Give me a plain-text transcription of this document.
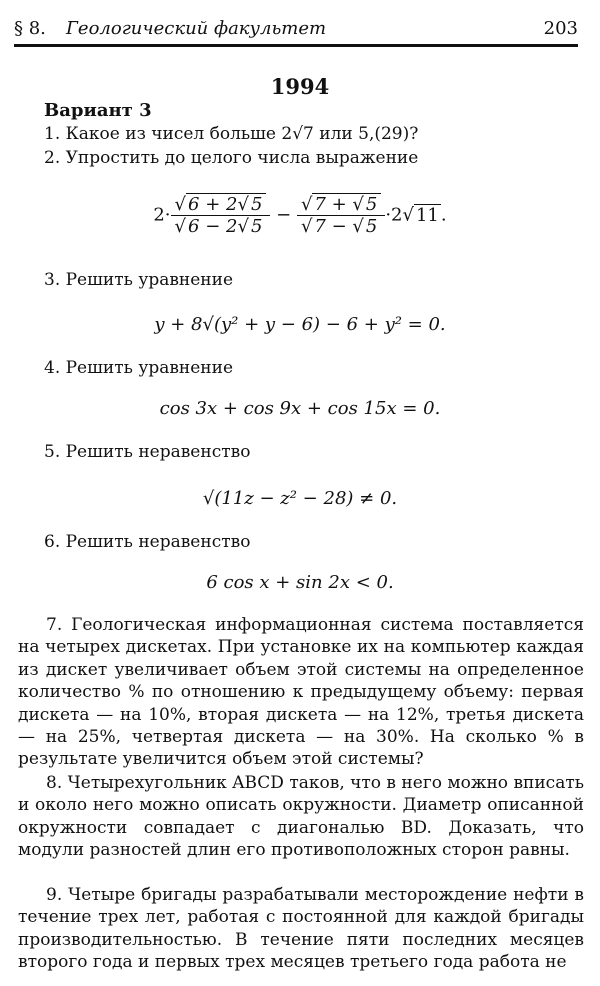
§ 8. Геологический факультет	203
1994
Вариант 3
1. Какое из чисел больше 2√7 или 5,(29)?
2. Упростить до целого числа выражение
$2\cdot \frac{√ 6 + 2√ 5}{√ 6 - 2√ 5} - \frac{√ 7 + √ 5}{√ 7 - √ 5} \cdot 2√$ 11 .
3. Решить уравнение
y + 8√(y² + y − 6) − 6 + y² = 0.
4. Решить уравнение
cos 3x + cos 9x + cos 15x = 0.
5. Решить неравенство
√(11z − z² − 28) ≠ 0.
6. Решить неравенство
6 cos x + sin 2x < 0.
7. Геологическая информационная система поставляется на четырех дискетах. При установке их на компьютер каждая из дискет увеличивает объем этой системы на определенное количество % по отношению к предыдущему объему: первая дискета — на 10%, вторая дискета — на 12%, третья дискета — на 25%, четвертая дискета — на 30%. На сколько % в результате увеличится объем этой системы?
8. Четырехугольник ABCD таков, что в него можно вписать и около него можно описать окружности. Диаметр описанной окружности совпадает с диагональю BD. Доказать, что модули разностей длин его противоположных сторон равны.
9. Четыре бригады разрабатывали месторождение нефти в течение трех лет, работая с постоянной для каждой бригады производительностью. В течение пяти последних месяцев второго года и первых трех месяцев третьего года работа не
